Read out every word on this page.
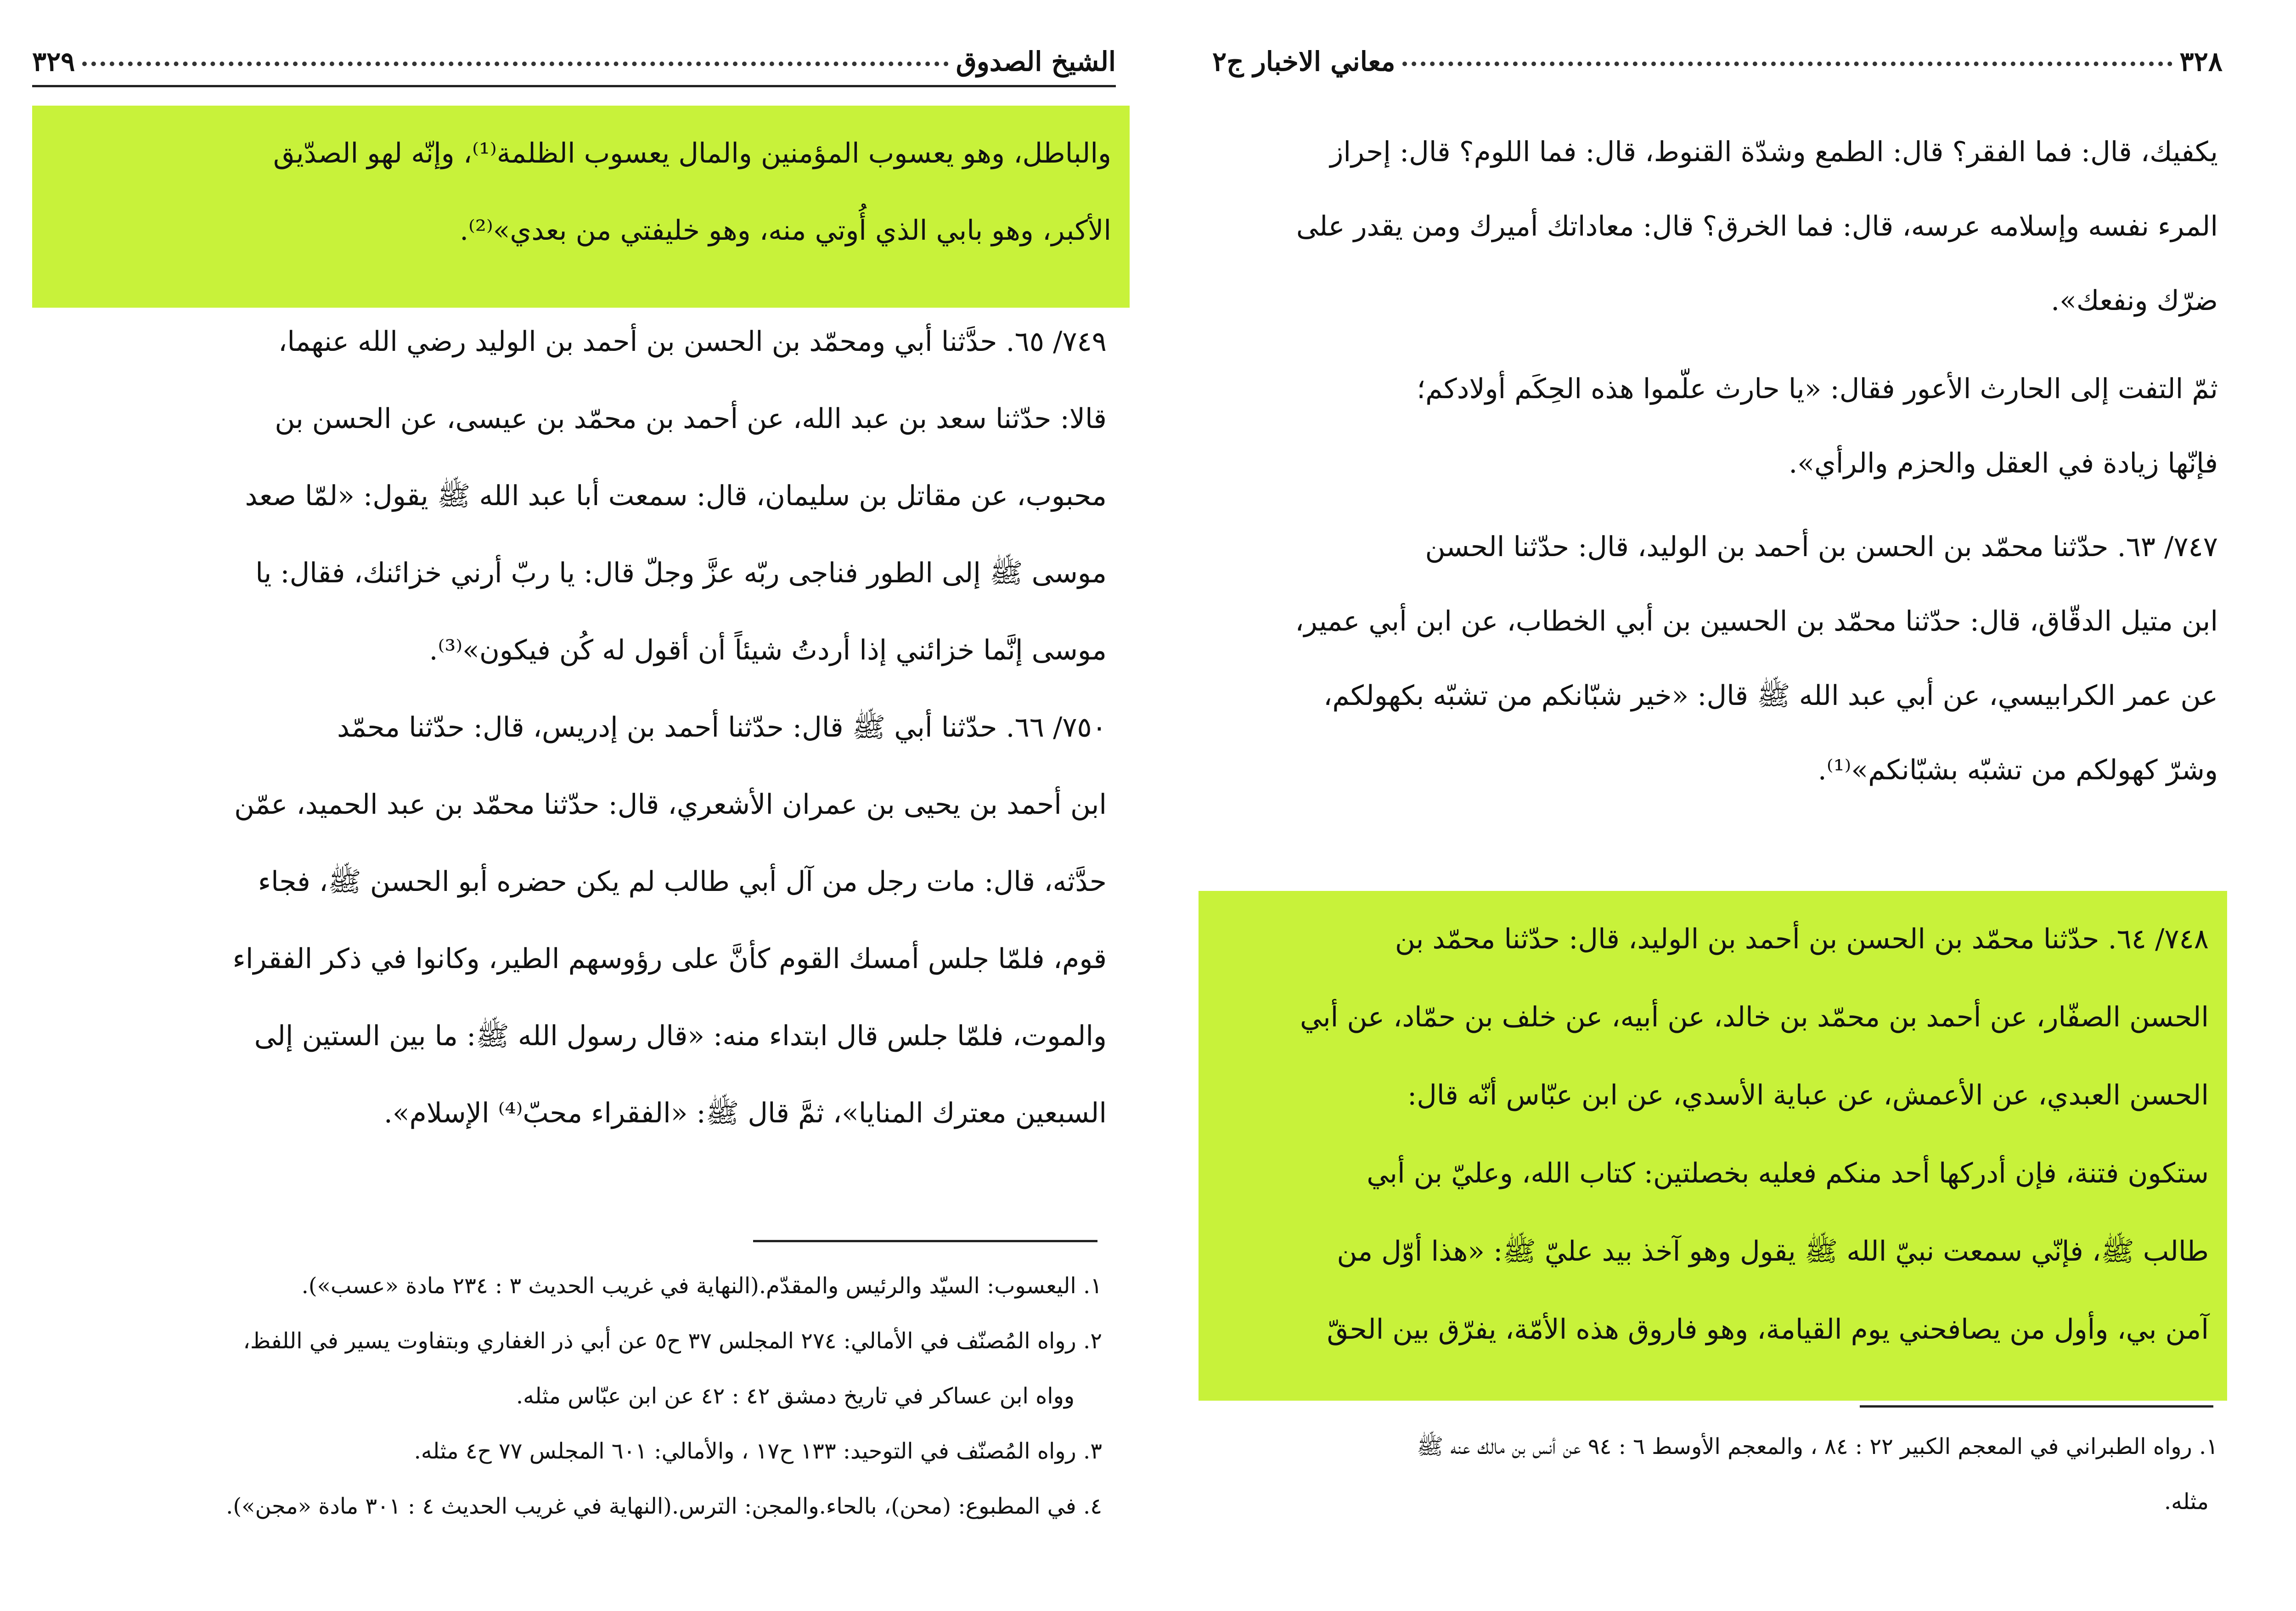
الشيخ الصدوق
٣٢٩

والباطل، وهو يعسوب المؤمنين والمال يعسوب الظلمة⁽¹⁾، وإنّه لهو الصدّيق

الأكبر، وهو بابي الذي أُوتي منه، وهو خليفتي من بعدي»⁽²⁾.

٧٤٩/ ٦٥. حدَّثنا أبي ومحمّد بن الحسن بن أحمد بن الوليد رضي الله عنهما،

قالا: حدّثنا سعد بن عبد الله، عن أحمد بن محمّد بن عيسى، عن الحسن بن

محبوب، عن مقاتل بن سليمان، قال: سمعت أبا عبد الله ﷺ يقول: «لمّا صعد

موسى ﷺ إلى الطور فناجى ربّه عزَّ وجلّ قال: يا ربّ أرني خزائنك، فقال: يا

موسى إنَّما خزائني إذا أردتُ شيئاً أن أقول له كُن فيكون»⁽³⁾.

٧٥٠/ ٦٦. حدّثنا أبي ﷺ قال: حدّثنا أحمد بن إدريس، قال: حدّثنا محمّد

ابن أحمد بن يحيى بن عمران الأشعري، قال: حدّثنا محمّد بن عبد الحميد، عمّن

حدَّثه، قال: مات رجل من آل أبي طالب لم يكن حضره أبو الحسن ﷺ، فجاء

قوم، فلمّا جلس أمسك القوم كأنَّ على رؤوسهم الطير، وكانوا في ذكر الفقراء

والموت، فلمّا جلس قال ابتداء منه: «قال رسول الله ﷺ: ما بين الستين إلى

السبعين معترك المنايا»، ثمَّ قال ﷺ: «الفقراء محبّ⁽⁴⁾ الإسلام».

١. اليعسوب: السيّد والرئيس والمقدّم.(النهاية في غريب الحديث ٣ : ٢٣٤ مادة «عسب»).

٢. رواه المُصنّف في الأمالي: ٢٧٤ المجلس ٣٧ ح٥ عن أبي ذر الغفاري وبتفاوت يسير في اللفظ،

وواه ابن عساكر في تاريخ دمشق ٤٢ : ٤٢ عن ابن عبّاس مثله.

٣. رواه المُصنّف في التوحيد: ١٣٣ ح١٧ ، والأمالي: ٦٠١ المجلس ٧٧ ح٤ مثله.

٤. في المطبوع: (محن)، بالحاء.والمجن: الترس.(النهاية في غريب الحديث ٤ : ٣٠١ مادة «مجن»).

٣٢٨
معاني الاخبار ج٢

يكفيك، قال: فما الفقر؟ قال: الطمع وشدّة القنوط، قال: فما اللوم؟ قال: إحراز

المرء نفسه وإسلامه عرسه، قال: فما الخرق؟ قال: معاداتك أميرك ومن يقدر على

ضرّك ونفعك».

ثمّ التفت إلى الحارث الأعور فقال: «يا حارث علّموا هذه الحِكَم أولادكم؛

فإنّها زيادة في العقل والحزم والرأي».

٧٤٧/ ٦٣. حدّثنا محمّد بن الحسن بن أحمد بن الوليد، قال: حدّثنا الحسن

ابن متيل الدقّاق، قال: حدّثنا محمّد بن الحسين بن أبي الخطاب، عن ابن أبي عمير،

عن عمر الكرابيسي، عن أبي عبد الله ﷺ قال: «خير شبّانكم من تشبّه بكهولكم،

وشرّ كهولكم من تشبّه بشبّانكم»⁽¹⁾.

٧٤٨/ ٦٤. حدّثنا محمّد بن الحسن بن أحمد بن الوليد، قال: حدّثنا محمّد بن

الحسن الصفّار، عن أحمد بن محمّد بن خالد، عن أبيه، عن خلف بن حمّاد، عن أبي

الحسن العبدي، عن الأعمش، عن عباية الأسدي، عن ابن عبّاس أنّه قال:

ستكون فتنة، فإن أدركها أحد منكم فعليه بخصلتين: كتاب الله، وعليّ بن أبي

طالب ﷺ، فإنّي سمعت نبيّ الله ﷺ يقول وهو آخذ بيد عليّ ﷺ: «هذا أوّل من

آمن بي، وأول من يصافحني يوم القيامة، وهو فاروق هذه الأمّة، يفرّق بين الحقّ

١. رواه الطبراني في المعجم الكبير ٢٢ : ٨٤ ، والمعجم الأوسط ٦ : ٩٤ عن أنس بن مالك عنه ﷺ

مثله.
